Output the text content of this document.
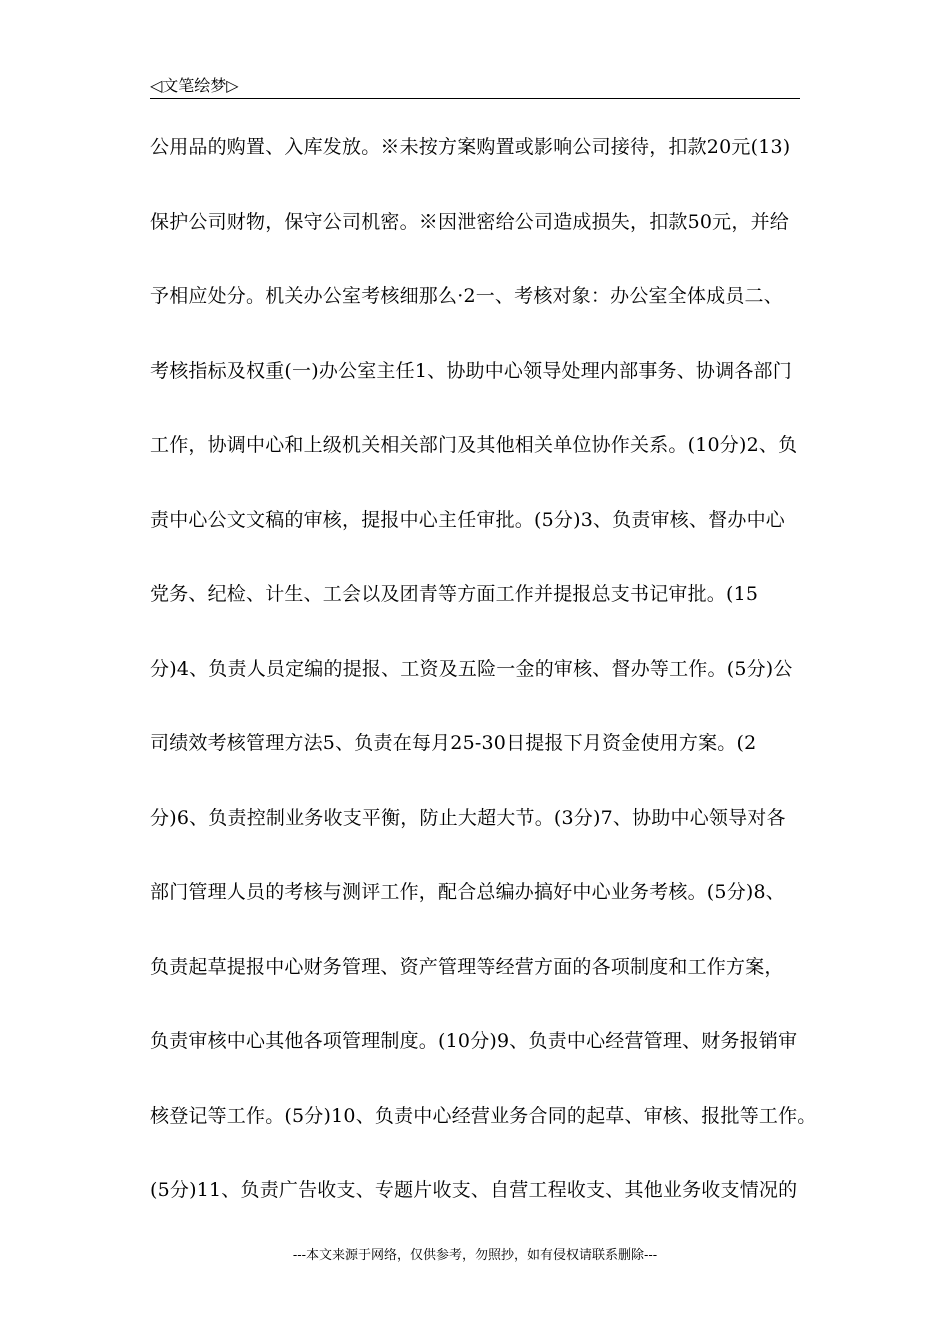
◁文笔绘梦▷
公用品的购置、入库发放。※未按方案购置或影响公司接待，扣款20元(13)
保护公司财物，保守公司机密。※因泄密给公司造成损失，扣款50元，并给
予相应处分。机关办公室考核细那么·2一、考核对象：办公室全体成员二、
考核指标及权重(一)办公室主任1、协助中心领导处理内部事务、协调各部门
工作，协调中心和上级机关相关部门及其他相关单位协作关系。(10分)2、负
责中心公文文稿的审核，提报中心主任审批。(5分)3、负责审核、督办中心
党务、纪检、计生、工会以及团青等方面工作并提报总支书记审批。(15
分)4、负责人员定编的提报、工资及五险一金的审核、督办等工作。(5分)公
司绩效考核管理方法5、负责在每月25-30日提报下月资金使用方案。(2
分)6、负责控制业务收支平衡，防止大超大节。(3分)7、协助中心领导对各
部门管理人员的考核与测评工作，配合总编办搞好中心业务考核。(5分)8、
负责起草提报中心财务管理、资产管理等经营方面的各项制度和工作方案，
负责审核中心其他各项管理制度。(10分)9、负责中心经营管理、财务报销审
核登记等工作。(5分)10、负责中心经营业务合同的起草、审核、报批等工作。
(5分)11、负责广告收支、专题片收支、自营工程收支、其他业务收支情况的
---本文来源于网络，仅供参考，勿照抄，如有侵权请联系删除---
